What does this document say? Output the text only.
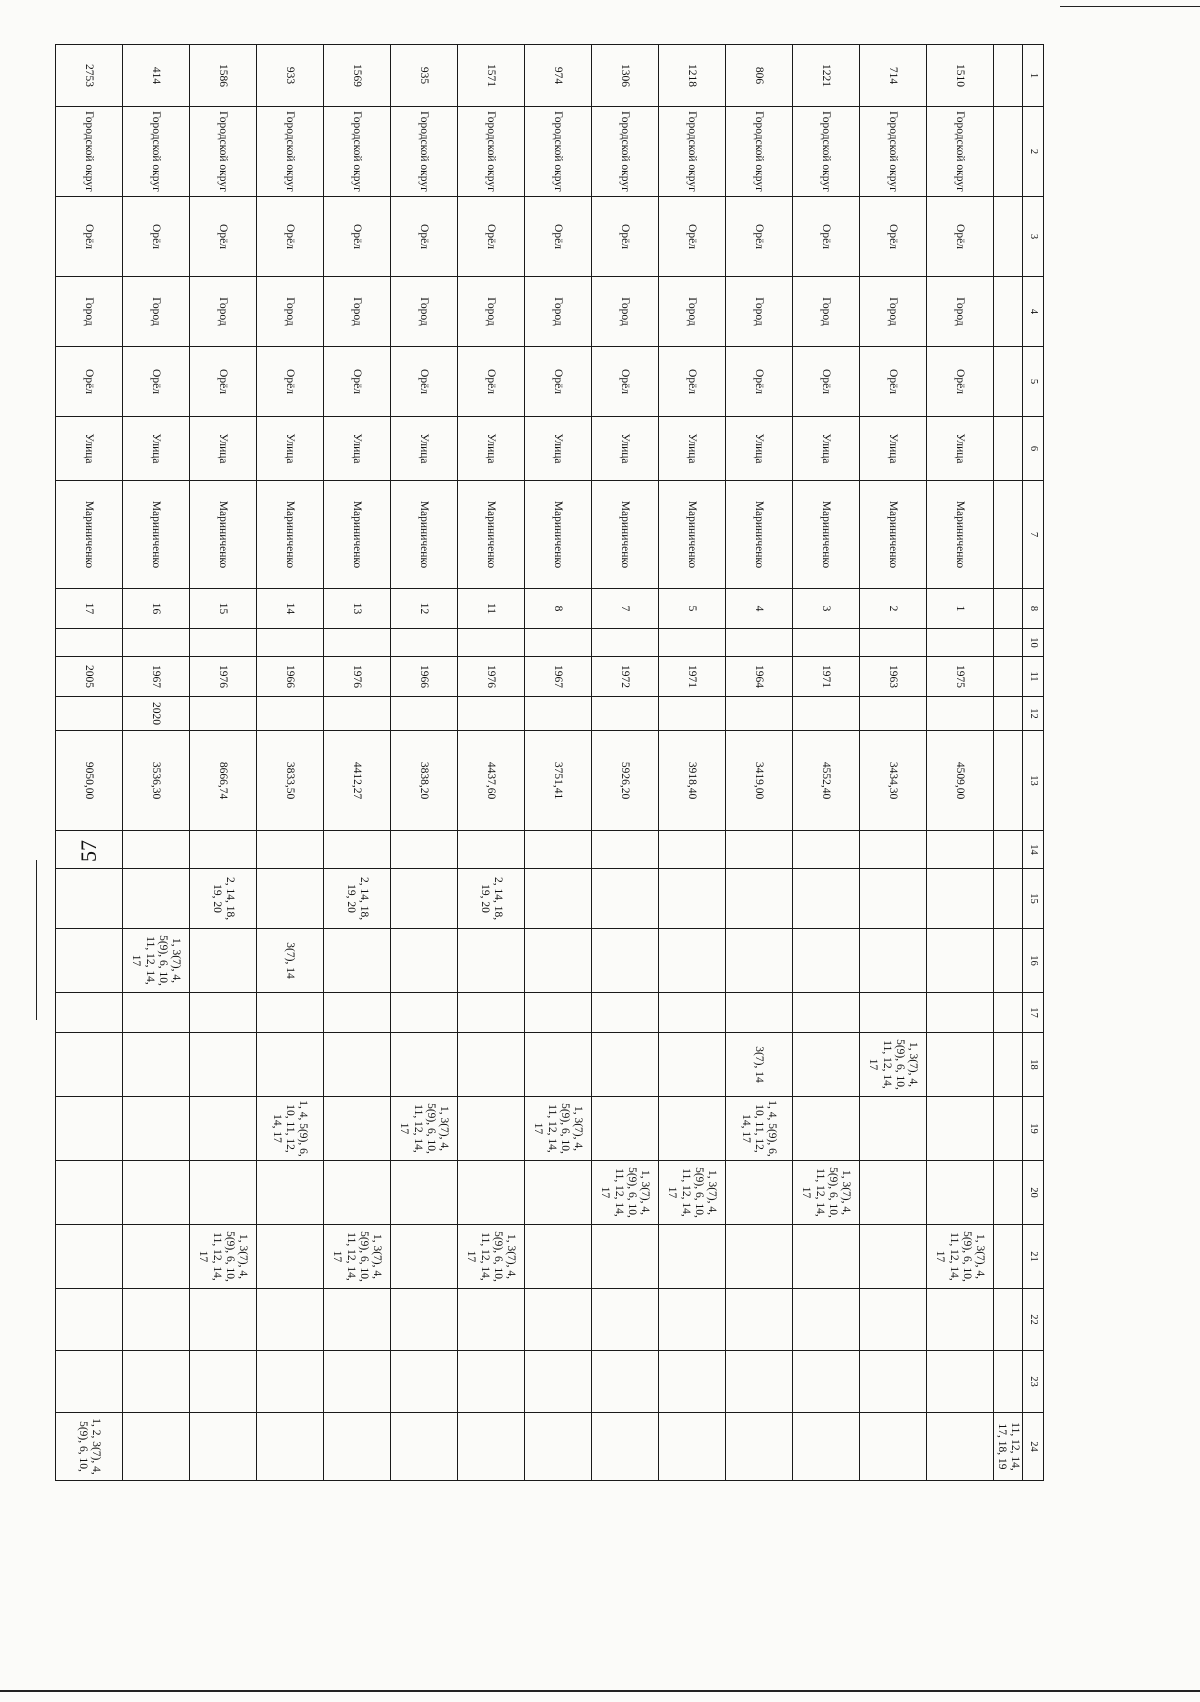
57
1	2	3	4	5	6	7	8	10	11	12	13	14	15	16	17	18	19	20	21	22	23	24
																						11, 12, 14, 17, 18, 19
1510	Городской округ	Орёл	Город	Орёл	Улица	Мариниченко	1		1975		4509,00								1, 3(7), 4, 5(9), 6, 10, 11, 12, 14, 17			
714	Городской округ	Орёл	Город	Орёл	Улица	Мариниченко	2		1963		3434,30					1, 3(7), 4, 5(9), 6, 10, 11, 12, 14, 17						
1221	Городской округ	Орёл	Город	Орёл	Улица	Мариниченко	3		1971		4552,40							1, 3(7), 4, 5(9), 6, 10, 11, 12, 14, 17				
806	Городской округ	Орёл	Город	Орёл	Улица	Мариниченко	4		1964		3419,00					3(7), 14	1, 4, 5(9), 6, 10, 11, 12, 14, 17					
1218	Городской округ	Орёл	Город	Орёл	Улица	Мариниченко	5		1971		3918,40							1, 3(7), 4, 5(9), 6, 10, 11, 12, 14, 17				
1306	Городской округ	Орёл	Город	Орёл	Улица	Мариниченко	7		1972		5926,20							1, 3(7), 4, 5(9), 6, 10, 11, 12, 14, 17				
974	Городской округ	Орёл	Город	Орёл	Улица	Мариниченко	8		1967		3751,41						1, 3(7), 4, 5(9), 6, 10, 11, 12, 14, 17					
1571	Городской округ	Орёл	Город	Орёл	Улица	Мариниченко	11		1976		4437,60		2, 14, 18, 19, 20						1, 3(7), 4, 5(9), 6, 10, 11, 12, 14, 17			
935	Городской округ	Орёл	Город	Орёл	Улица	Мариниченко	12		1966		3838,20						1, 3(7), 4, 5(9), 6, 10, 11, 12, 14, 17					
1569	Городской округ	Орёл	Город	Орёл	Улица	Мариниченко	13		1976		4412,27		2, 14, 18, 19, 20						1, 3(7), 4, 5(9), 6, 10, 11, 12, 14, 17			
933	Городской округ	Орёл	Город	Орёл	Улица	Мариниченко	14		1966		3833,50			3(7), 14			1, 4, 5(9), 6, 10, 11, 12, 14, 17					
1586	Городской округ	Орёл	Город	Орёл	Улица	Мариниченко	15		1976		8666,74		2, 14, 18, 19, 20						1, 3(7), 4, 5(9), 6, 10, 11, 12, 14, 17			
414	Городской округ	Орёл	Город	Орёл	Улица	Мариниченко	16		1967	2020	3536,30			1, 3(7), 4, 5(9), 6, 10, 11, 12, 14, 17								
2753	Городской округ	Орёл	Город	Орёл	Улица	Мариниченко	17		2005		9050,00											1, 2, 3(7), 4, 5(9), 6, 10,
